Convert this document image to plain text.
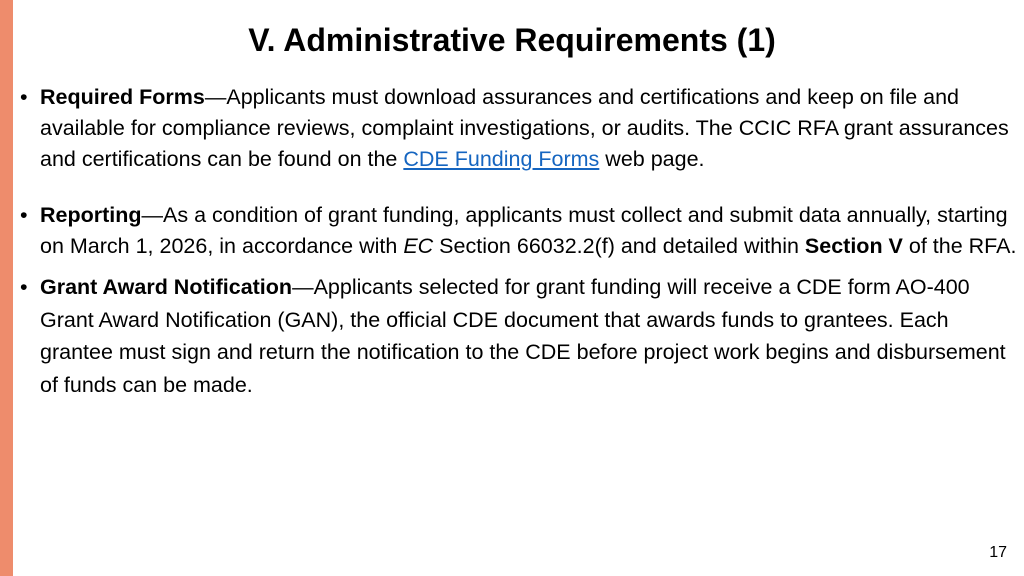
V. Administrative Requirements (1)
• Required Forms—Applicants must download assurances and certifications and keep on file and available for compliance reviews, complaint investigations, or audits. The CCIC RFA grant assurances and certifications can be found on the CDE Funding Forms web page.
• Reporting—As a condition of grant funding, applicants must collect and submit data annually, starting on March 1, 2026, in accordance with EC Section 66032.2(f) and detailed within Section V of the RFA.
• Grant Award Notification—Applicants selected for grant funding will receive a CDE form AO-400 Grant Award Notification (GAN), the official CDE document that awards funds to grantees. Each grantee must sign and return the notification to the CDE before project work begins and disbursement of funds can be made.
17
